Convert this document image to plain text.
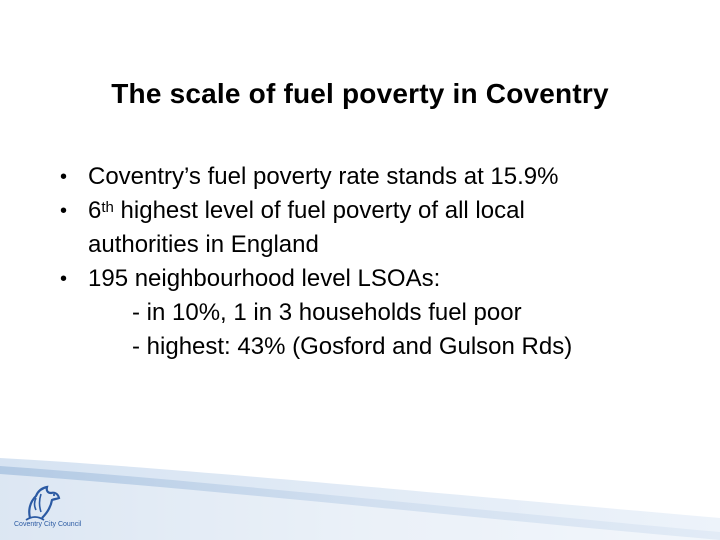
The scale of fuel poverty in Coventry
• Coventry’s fuel poverty rate stands at 15.9%
• 6th highest level of fuel poverty of all local
authorities in England
• 195 neighbourhood level LSOAs:
- in 10%, 1 in 3 households fuel poor
- highest: 43% (Gosford and Gulson Rds)
Coventry City Council
